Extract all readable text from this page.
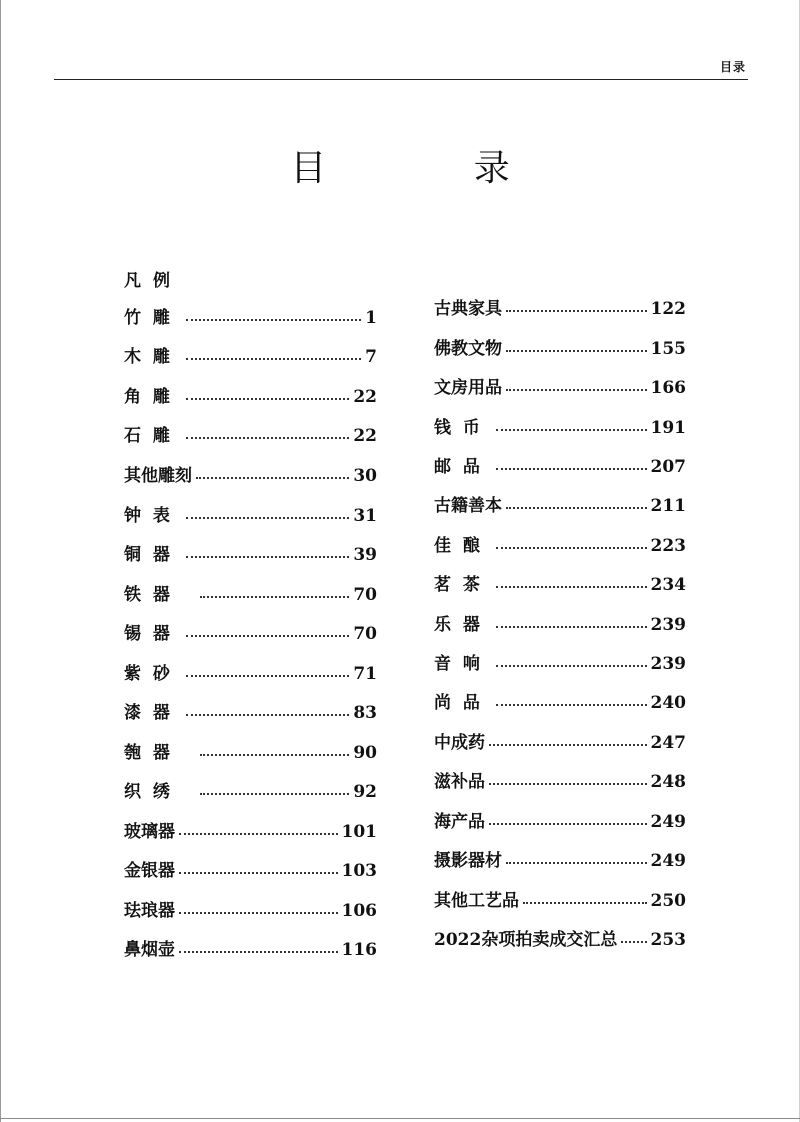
目录
目 录
凡例
竹雕	1
木雕	7
角雕	22
石雕	22
其他雕刻	30
钟表	31
铜器	39
铁器	70
锡器	70
紫砂	71
漆器	83
匏器	90
织绣	92
玻璃器	101
金银器	103
珐琅器	106
鼻烟壶	116
古典家具	122
佛教文物	155
文房用品	166
钱币	191
邮品	207
古籍善本	211
佳酿	223
茗茶	234
乐器	239
音响	239
尚品	240
中成药	247
滋补品	248
海产品	249
摄影器材	249
其他工艺品	250
2022杂项拍卖成交汇总 253
